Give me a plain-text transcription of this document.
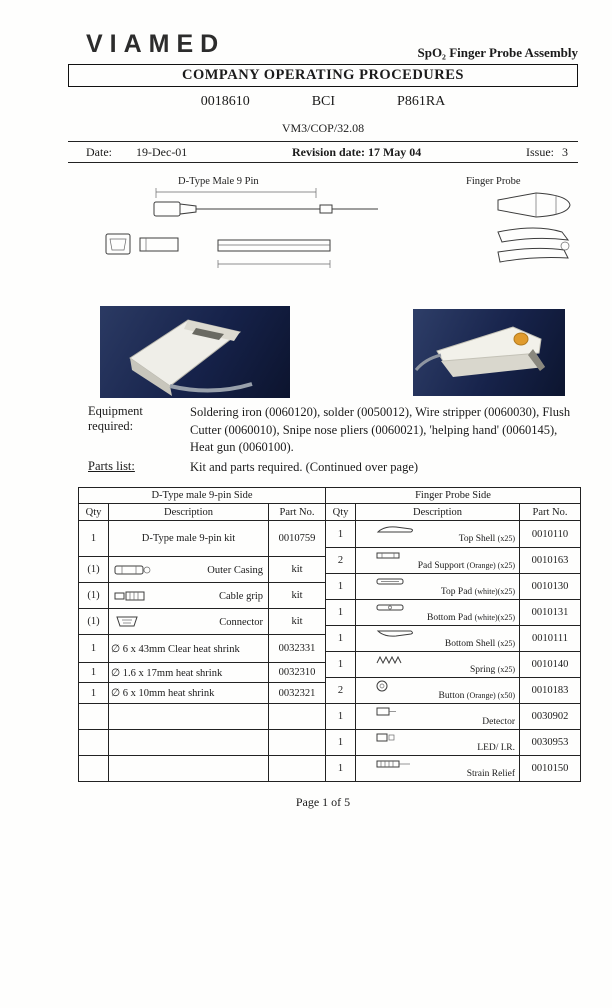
VIAMED	SpO₂ Finger Probe Assembly
COMPANY OPERATING PROCEDURES
0018610	BCI	P861RA
VM3/COP/32.08
Date: 19-Dec-01	Revision date: 17 May 04	Issue: 3
D-Type Male 9 Pin	Finger Probe
Equipment required:
Soldering iron (0060120), solder (0050012), Wire stripper (0060030), Flush Cutter (0060010), Snipe nose pliers (0060021), 'helping hand' (0060145), Heat gun (0060100).
Parts list:	Kit and parts required. (Continued over page)
D-Type male 9-pin Side		
Qty	Description	Part No.
1	D-Type male 9-pin kit	0010759
(1)	Outer Casing	kit
(1)	Cable grip	kit
(1)	Connector	kit
1	∅ 6 x 43mm Clear heat shrink	0032331
1	∅ 1.6 x 17mm heat shrink	0032310
1	∅ 6 x 10mm heat shrink	0032321

Finger Probe Side		
Qty	Description	Part No.
1	Top Shell (x25)	0010110
2	Pad Support (Orange) (x25)	0010163
1	Top Pad (white)(x25)	0010130
1	Bottom Pad (white)(x25)	0010131
1	Bottom Shell (x25)	0010111
1	Spring (x25)	0010140
2	Button (Orange) (x50)	0010183
1	Detector	0030902
1	LED/ I.R.	0030953
1	Strain Relief	0010150
Page 1 of 5
